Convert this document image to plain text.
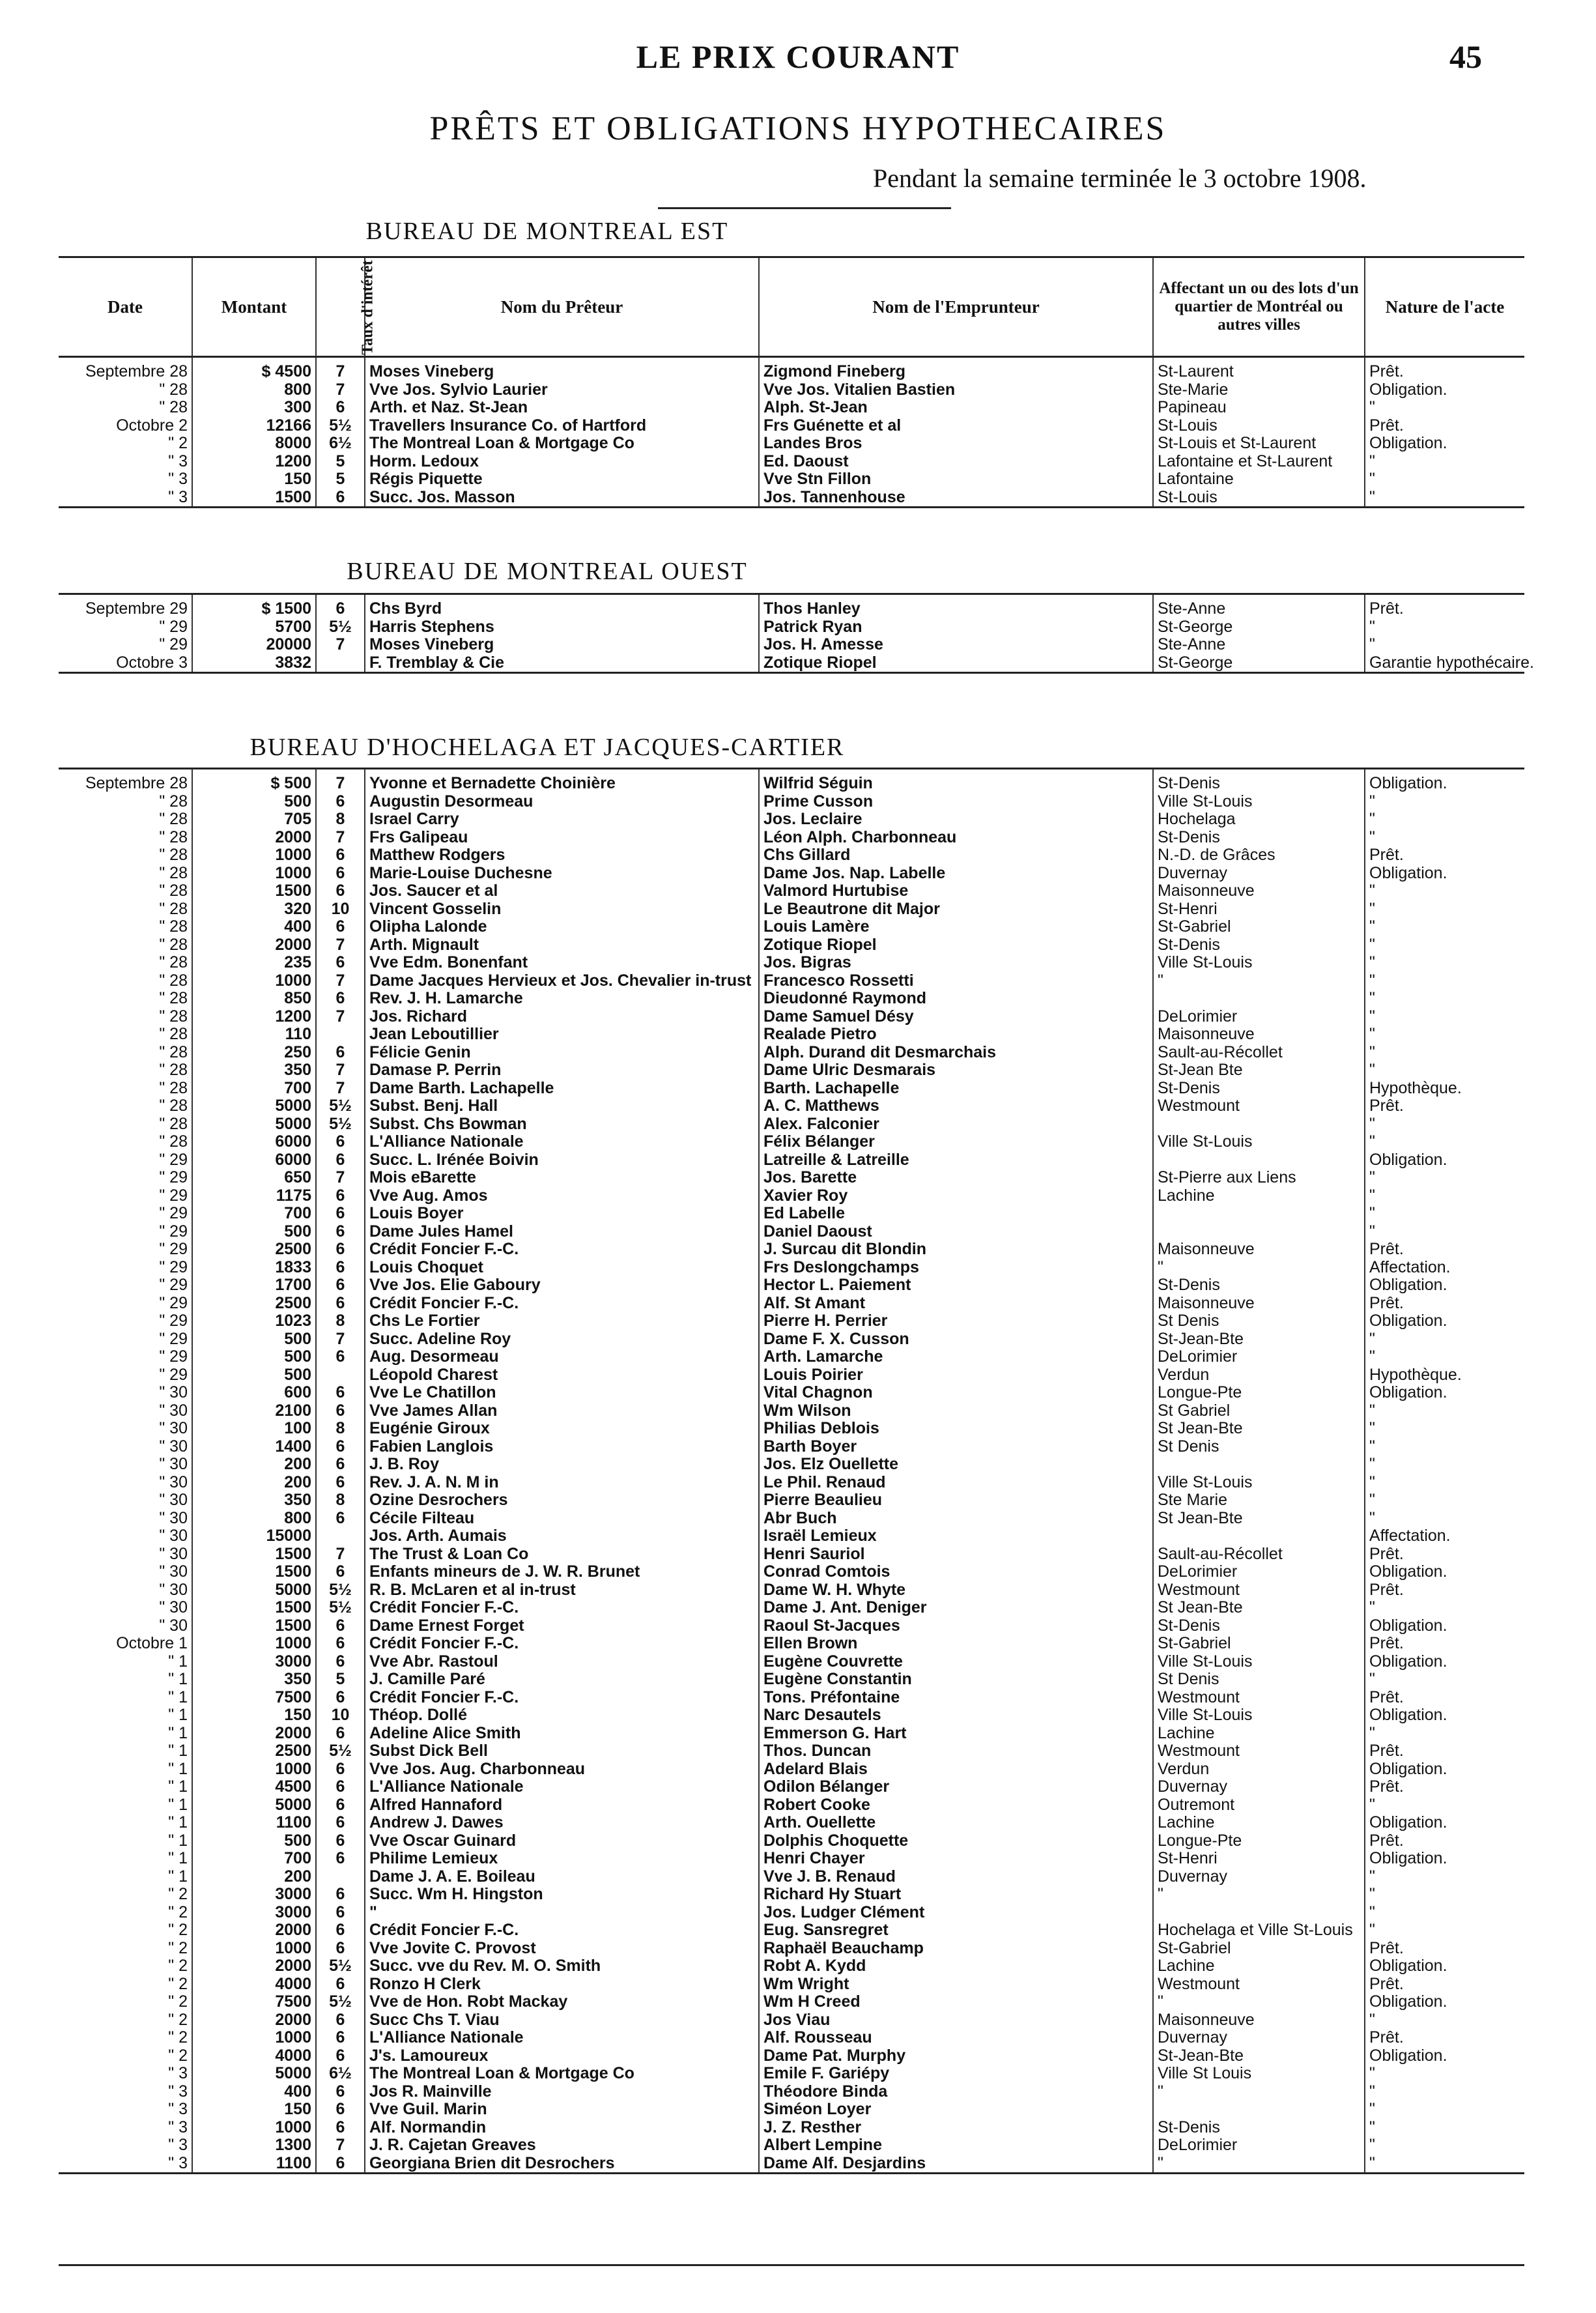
LE PRIX COURANT	45
PRÊTS ET OBLIGATIONS HYPOTHECAIRES
Pendant la semaine terminée le 3 octobre 1908.
BUREAU DE MONTREAL EST
Date	Montant	Taux d'intérêt	Nom du Prêteur	Nom de l'Emprunteur	Affectant un ou des lots d'un quartier de Montréal ou autres villes	Nature de l'acte
Septembre 28	$ 4500	7	Moses Vineberg	Zigmond Fineberg	St-Laurent	Prêt.
" 28	800	7	Vve Jos. Sylvio Laurier	Vve Jos. Vitalien Bastien	Ste-Marie	Obligation.
" 28	300	6	Arth. et Naz. St-Jean	Alph. St-Jean	Papineau	"
Octobre 2	12166	5½	Travellers Insurance Co. of Hartford	Frs Guénette et al	St-Louis	Prêt.
" 2	8000	6½	The Montreal Loan & Mortgage Co	Landes Bros	St-Louis et St-Laurent	Obligation.
" 3	1200	5	Horm. Ledoux	Ed. Daoust	Lafontaine et St-Laurent	"
" 3	150	5	Régis Piquette	Vve Stn Fillon	Lafontaine	"
" 3	1500	6	Succ. Jos. Masson	Jos. Tannenhouse	St-Louis	"
BUREAU DE MONTREAL OUEST
Septembre 29	$ 1500	6	Chs Byrd	Thos Hanley	Ste-Anne	Prêt.
" 29	5700	5½	Harris Stephens	Patrick Ryan	St-George	"
" 29	20000	7	Moses Vineberg	Jos. H. Amesse	Ste-Anne	"
Octobre 3	3832		F. Tremblay & Cie	Zotique Riopel	St-George	Garantie hypothécaire.
BUREAU D'HOCHELAGA ET JACQUES-CARTIER
Septembre 28	$ 500	7	Yvonne et Bernadette Choinière	Wilfrid Séguin	St-Denis	Obligation.
" 28	500	6	Augustin Desormeau	Prime Cusson	Ville St-Louis	"
" 28	705	8	Israel Carry	Jos. Leclaire	Hochelaga	"
" 28	2000	7	Frs Galipeau	Léon Alph. Charbonneau	St-Denis	"
" 28	1000	6	Matthew Rodgers	Chs Gillard	N.-D. de Grâces	Prêt.
" 28	1000	6	Marie-Louise Duchesne	Dame Jos. Nap. Labelle	Duvernay	Obligation.
" 28	1500	6	Jos. Saucer et al	Valmord Hurtubise	Maisonneuve	"
" 28	320	10	Vincent Gosselin	Le Beautrone dit Major	St-Henri	"
" 28	400	6	Olipha Lalonde	Louis Lamère	St-Gabriel	"
" 28	2000	7	Arth. Mignault	Zotique Riopel	St-Denis	"
" 28	235	6	Vve Edm. Bonenfant	Jos. Bigras	Ville St-Louis	"
" 28	1000	7	Dame Jacques Hervieux et Jos. Chevalier in-trust	Francesco Rossetti	"	"
" 28	850	6	Rev. J. H. Lamarche	Dieudonné Raymond		"
" 28	1200	7	Jos. Richard	Dame Samuel Désy	DeLorimier	"
" 28	110		Jean Leboutillier	Realade Pietro	Maisonneuve	"
" 28	250	6	Félicie Genin	Alph. Durand dit Desmarchais	Sault-au-Récollet	"
" 28	350	7	Damase P. Perrin	Dame Ulric Desmarais	St-Jean Bte	"
" 28	700	7	Dame Barth. Lachapelle	Barth. Lachapelle	St-Denis	Hypothèque.
" 28	5000	5½	Subst. Benj. Hall	A. C. Matthews	Westmount	Prêt.
" 28	5000	5½	Subst. Chs Bowman	Alex. Falconier		"
" 28	6000	6	L'Alliance Nationale	Félix Bélanger	Ville St-Louis	"
" 29	6000	6	Succ. L. Irénée Boivin	Latreille & Latreille		Obligation.
" 29	650	7	Mois eBarette	Jos. Barette	St-Pierre aux Liens	"
" 29	1175	6	Vve Aug. Amos	Xavier Roy	Lachine	"
" 29	700	6	Louis Boyer	Ed Labelle		"
" 29	500	6	Dame Jules Hamel	Daniel Daoust		"
" 29	2500	6	Crédit Foncier F.-C.	J. Surcau dit Blondin	Maisonneuve	Prêt.
" 29	1833	6	Louis Choquet	Frs Deslongchamps	"	Affectation.
" 29	1700	6	Vve Jos. Elie Gaboury	Hector L. Paiement	St-Denis	Obligation.
" 29	2500	6	Crédit Foncier F.-C.	Alf. St Amant	Maisonneuve	Prêt.
" 29	1023	8	Chs Le Fortier	Pierre H. Perrier	St Denis	Obligation.
" 29	500	7	Succ. Adeline Roy	Dame F. X. Cusson	St-Jean-Bte	"
" 29	500	6	Aug. Desormeau	Arth. Lamarche	DeLorimier	"
" 29	500		Léopold Charest	Louis Poirier	Verdun	Hypothèque.
" 30	600	6	Vve Le Chatillon	Vital Chagnon	Longue-Pte	Obligation.
" 30	2100	6	Vve James Allan	Wm Wilson	St Gabriel	"
" 30	100	8	Eugénie Giroux	Philias Deblois	St Jean-Bte	"
" 30	1400	6	Fabien Langlois	Barth Boyer	St Denis	"
" 30	200	6	J. B. Roy	Jos. Elz Ouellette		"
" 30	200	6	Rev. J. A. N. M in	Le Phil. Renaud	Ville St-Louis	"
" 30	350	8	Ozine Desrochers	Pierre Beaulieu	Ste Marie	"
" 30	800	6	Cécile Filteau	Abr Buch	St Jean-Bte	"
" 30	15000		Jos. Arth. Aumais	Israël Lemieux		Affectation.
" 30	1500	7	The Trust & Loan Co	Henri Sauriol	Sault-au-Récollet	Prêt.
" 30	1500	6	Enfants mineurs de J. W. R. Brunet	Conrad Comtois	DeLorimier	Obligation.
" 30	5000	5½	R. B. McLaren et al in-trust	Dame W. H. Whyte	Westmount	Prêt.
" 30	1500	5½	Crédit Foncier F.-C.	Dame J. Ant. Deniger	St Jean-Bte	"
" 30	1500	6	Dame Ernest Forget	Raoul St-Jacques	St-Denis	Obligation.
Octobre 1	1000	6	Crédit Foncier F.-C.	Ellen Brown	St-Gabriel	Prêt.
" 1	3000	6	Vve Abr. Rastoul	Eugène Couvrette	Ville St-Louis	Obligation.
" 1	350	5	J. Camille Paré	Eugène Constantin	St Denis	"
" 1	7500	6	Crédit Foncier F.-C.	Tons. Préfontaine	Westmount	Prêt.
" 1	150	10	Théop. Dollé	Narc Desautels	Ville St-Louis	Obligation.
" 1	2000	6	Adeline Alice Smith	Emmerson G. Hart	Lachine	"
" 1	2500	5½	Subst Dick Bell	Thos. Duncan	Westmount	Prêt.
" 1	1000	6	Vve Jos. Aug. Charbonneau	Adelard Blais	Verdun	Obligation.
" 1	4500	6	L'Alliance Nationale	Odilon Bélanger	Duvernay	Prêt.
" 1	5000	6	Alfred Hannaford	Robert Cooke	Outremont	"
" 1	1100	6	Andrew J. Dawes	Arth. Ouellette	Lachine	Obligation.
" 1	500	6	Vve Oscar Guinard	Dolphis Choquette	Longue-Pte	Prêt.
" 1	700	6	Philime Lemieux	Henri Chayer	St-Henri	Obligation.
" 1	200		Dame J. A. E. Boileau	Vve J. B. Renaud	Duvernay	"
" 2	3000	6	Succ. Wm H. Hingston	Richard Hy Stuart	"	"
" 2	3000	6	"	Jos. Ludger Clément		"
" 2	2000	6	Crédit Foncier F.-C.	Eug. Sansregret	Hochelaga et Ville St-Louis	"
" 2	1000	6	Vve Jovite C. Provost	Raphaël Beauchamp	St-Gabriel	Prêt.
" 2	2000	5½	Succ. vve du Rev. M. O. Smith	Robt A. Kydd	Lachine	Obligation.
" 2	4000	6	Ronzo H Clerk	Wm Wright	Westmount	Prêt.
" 2	7500	5½	Vve de Hon. Robt Mackay	Wm H Creed	"	Obligation.
" 2	2000	6	Succ Chs T. Viau	Jos Viau	Maisonneuve	"
" 2	1000	6	L'Alliance Nationale	Alf. Rousseau	Duvernay	Prêt.
" 2	4000	6	J's. Lamoureux	Dame Pat. Murphy	St-Jean-Bte	Obligation.
" 3	5000	6½	The Montreal Loan & Mortgage Co	Emile F. Gariépy	Ville St Louis	"
" 3	400	6	Jos R. Mainville	Théodore Binda	"	"
" 3	150	6	Vve Guil. Marin	Siméon Loyer		"
" 3	1000	6	Alf. Normandin	J. Z. Resther	St-Denis	"
" 3	1300	7	J. R. Cajetan Greaves	Albert Lempine	DeLorimier	"
" 3	1100	6	Georgiana Brien dit Desrochers	Dame Alf. Desjardins	"	"
